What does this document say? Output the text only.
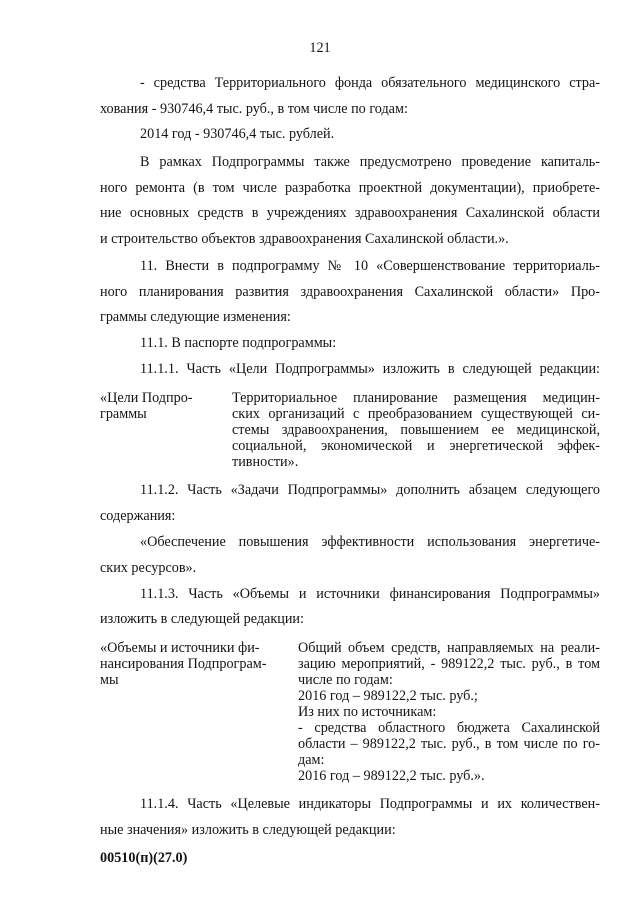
121
- средства Территориального фонда обязательного медицинского стра-
хования - 930746,4 тыс. руб., в том числе по годам:
2014 год - 930746,4 тыс. рублей.
В рамках Подпрограммы также предусмотрено проведение капиталь-
ного ремонта (в том числе разработка проектной документации), приобрете-
ние основных средств в учреждениях здравоохранения Сахалинской области
и строительство объектов здравоохранения Сахалинской области.».
11. Внести в подпрограмму № 10 «Совершенствование территориаль-
ного планирования развития здравоохранения Сахалинской области» Про-
граммы следующие изменения:
11.1. В паспорте подпрограммы:
11.1.1. Часть «Цели Подпрограммы» изложить в следующей редакции:
«Цели Подпро-
граммы
Территориальное планирование размещения медицин-
ских организаций с преобразованием существующей си-
стемы здравоохранения, повышением ее медицинской,
социальной, экономической и энергетической эффек-
тивности».
11.1.2. Часть «Задачи Подпрограммы» дополнить абзацем следующего
содержания:
«Обеспечение повышения эффективности использования энергетиче-
ских ресурсов».
11.1.3. Часть «Объемы и источники финансирования Подпрограммы»
изложить в следующей редакции:
«Объемы и источники фи-
нансирования Подпрограм-
мы
Общий объем средств, направляемых на реали-
зацию мероприятий, - 989122,2 тыс. руб., в том
числе по годам:
2016 год – 989122,2 тыс. руб.;
Из них по источникам:
- средства областного бюджета Сахалинской
области – 989122,2 тыс. руб., в том числе по го-
дам:
2016 год – 989122,2 тыс. руб.».
11.1.4. Часть «Целевые индикаторы Подпрограммы и их количествен-
ные значения» изложить в следующей редакции:
00510(п)(27.0)
